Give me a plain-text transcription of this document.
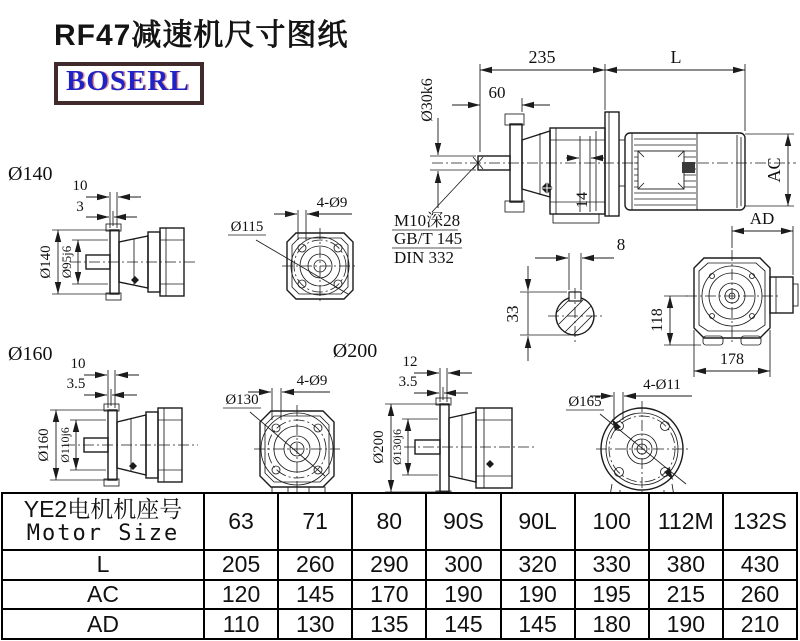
235	L
60
Ø30k6
14
AC
M10深28
GB/T 145
DIN 332
8
33
AD
118
178
Ø140
10
3
Ø140 Ø95j6
Ø115
4-Ø9
Ø160 10
3.5
Ø160 Ø110j6
Ø200
Ø130
4-Ø9
12
3.5
Ø200 Ø130j6
Ø165
4-Ø11
RF47减速机尺寸图纸
BOSERL
YE2电机机座号
Motor Size	63	71	80	90S	90L	100	112M	132S
L	205	260	290	300	320	330	380	430
AC	120	145	170	190	190	195	215	260
AD	110	130	135	145	145	180	190	210
